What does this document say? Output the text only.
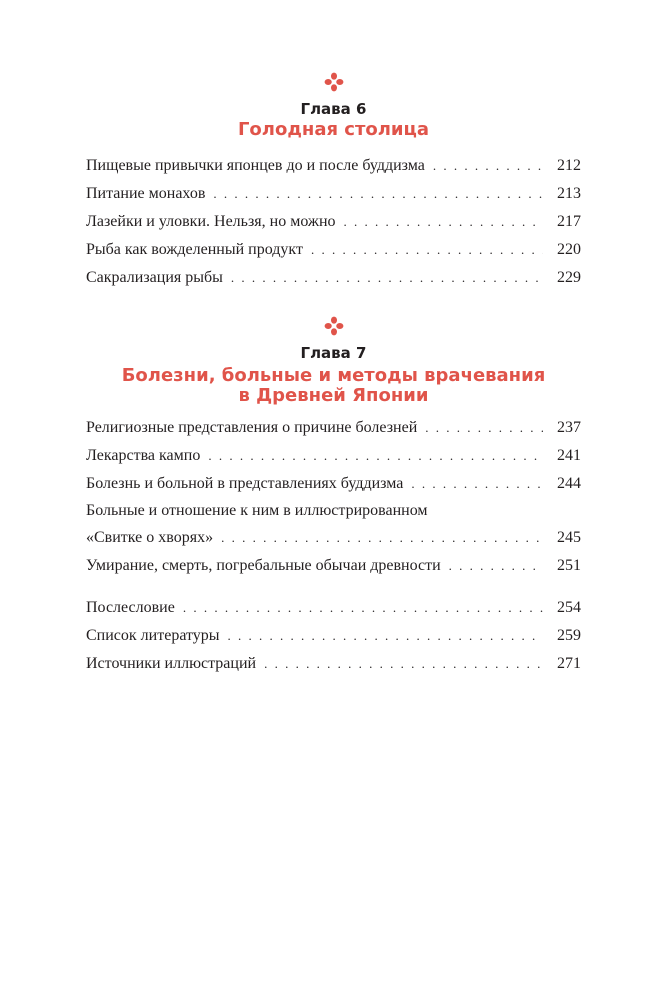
Глава 6
Голодная столица
Пищевые привычки японцев до и после буддизма . . .	212
Питание монахов . . .	213
Лазейки и уловки. Нельзя, но можно . . .	217
Рыба как вожделенный продукт . . .	220
Сакрализация рыбы . . .	229
Глава 7
Болезни, больные и методы врачевания
в Древней Японии
Религиозные представления о причине болезней . . .	237
Лекарства кампо . . .	241
Болезнь и больной в представлениях буддизма . . .	244
Больные и отношение к ним в иллюстрированном
«Свитке о хворях» . . .	245
Умирание, смерть, погребальные обычаи древности . . .	251
Послесловие . . .	254
Список литературы . . .	259
Источники иллюстраций . . .	271
